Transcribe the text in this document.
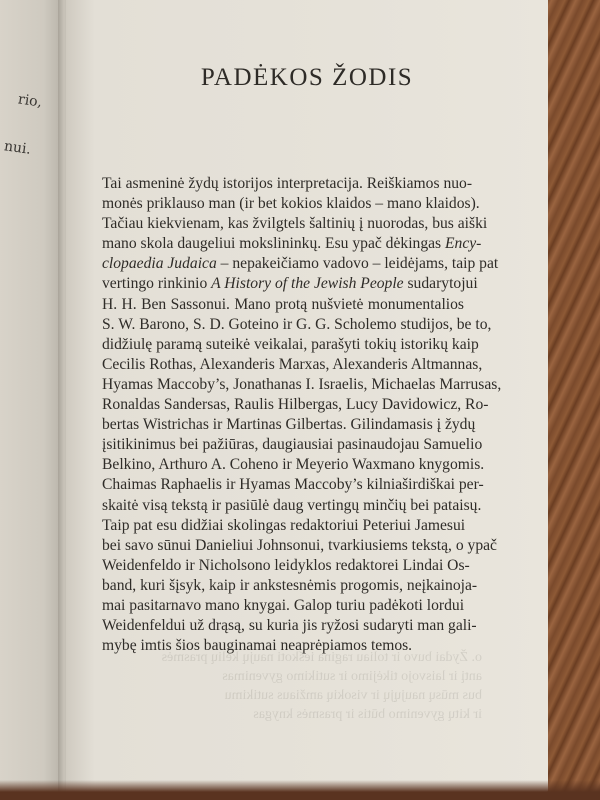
rio,
nui.
PADĖKOS ŽODIS
Tai asmeninė žydų istorijos interpretacija. Reiškiamos nuo-
monės priklauso man (ir bet kokios klaidos – mano klaidos).
Tačiau kiekvienam, kas žvilgtels šaltinių į nuorodas, bus aiški
mano skola daugeliui mokslininkų. Esu ypač dėkingas Ency-
clopaedia Judaica – nepakeičiamo vadovo – leidėjams, taip pat
vertingo rinkinio A History of the Jewish People sudarytojui
H. H. Ben Sassonui. Mano protą nušvietė monumentalios
S. W. Barono, S. D. Goteino ir G. G. Scholemo studijos, be to,
didžiulę paramą suteikė veikalai, parašyti tokių istorikų kaip
Cecilis Rothas, Alexanderis Marxas, Alexanderis Altmannas,
Hyamas Maccoby’s, Jonathanas I. Israelis, Michaelas Marrusas,
Ronaldas Sandersas, Raulis Hilbergas, Lucy Davidowicz, Ro-
bertas Wistrichas ir Martinas Gilbertas. Gilindamasis į žydų
įsitikinimus bei pažiūras, daugiausiai pasinaudojau Samuelio
Belkino, Arthuro A. Coheno ir Meyerio Waxmano knygomis.
Chaimas Raphaelis ir Hyamas Maccoby’s kilniaširdiškai per-
skaitė visą tekstą ir pasiūlė daug vertingų minčių bei pataisų.
Taip pat esu didžiai skolingas redaktoriui Peteriui Jamesui
bei savo sūnui Danieliui Johnsonui, tvarkiusiems tekstą, o ypač
Weidenfeldo ir Nicholsono leidyklos redaktorei Lindai Os-
band, kuri šįsyk, kaip ir ankstesnėmis progomis, neįkainoja-
mai pasitarnavo mano knygai. Galop turiu padėkoti lordui
Weidenfelduі už drąsą, su kuria jis ryžosi sudaryti man gali-
mybę imtis šios bauginamai neaprėpiamos temos.
o. Žydai buvo ir toliau ragina ieškoti naujų kelių prasmės
antį ir laisvojo tikėjimo ir sutikimo gyvenimas
bus mūsų naujųjų ir visokių amžiaus sutikimu
ir kitų gyvenimo būtis ir prasmės knygas
